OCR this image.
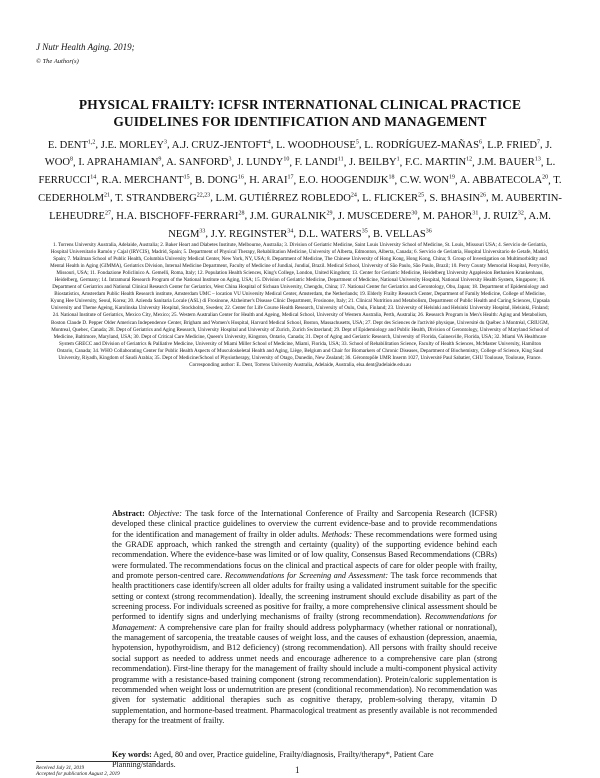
J Nutr Health Aging. 2019;
© The Author(s)
PHYSICAL FRAILTY: ICFSR INTERNATIONAL CLINICAL PRACTICE
GUIDELINES FOR IDENTIFICATION AND MANAGEMENT
E. DENT$^{1,2}$, J.E. MORLEY$^3$, A.J. CRUZ-JENTOFT$^4$, L. WOODHOUSE$^5$, L. RODRÍGUEZ-MAÑAS$^6$, L.P. FRIED$^7$, J. WOO$^8$, I. APRAHAMIAN$^9$, A. SANFORD$^3$, J. LUNDY$^{10}$, F. LANDI$^{11}$, J. BEILBY$^1$, F.C. MARTIN$^{12}$, J.M. BAUER$^{13}$, L. FERRUCCI$^{14}$, R.A. MERCHANT$^{15}$, B. DONG$^{16}$, H. ARAI$^{17}$, E.O. HOOGENDIJK$^{18}$, C.W. WON$^{19}$, A. ABBATECOLA$^{20}$, T. CEDERHOLM$^{21}$, T. STRANDBERG$^{22,23}$, L.M. GUTIÉRREZ ROBLEDO$^{24}$, L. FLICKER$^{25}$, S. BHASIN$^{26}$, M. AUBERTIN-LEHEUDRE$^{27}$, H.A. BISCHOFF-FERRARI$^{28}$, J.M. GURALNIK$^{29}$, J. MUSCEDERE$^{30}$, M. PAHOR$^{31}$, J. RUIZ$^{32}$, A.M. NEGM$^{33}$, J.Y. REGINSTER$^{34}$, D.L. WATERS$^{35}$, B. VELLAS$^{36}$
1. Torrens University Australia, Adelaide, Australia; 2. Baker Heart and Diabetes Institute, Melbourne, Australia; 3. Division of Geriatric Medicine, Saint Louis University School of Medicine, St. Louis, Missouri USA; 4. Servicio de Geriatría, Hospital Universitario Ramón y Cajal (IRYCIS), Madrid, Spain; 5. Department of Physical Therapy, Rehabilitation Medicine, University of Alberta, Edmonton, Alberta, Canada; 6. Servicio de Geriatría, Hospital Universitario de Getafe, Madrid, Spain; 7. Mailman School of Public Health, Columbia University Medical Center, New York, NY, USA; 8. Department of Medicine, The Chinese University of Hong Kong, Hong Kong, China; 9. Group of Investigation on Multimorbidity and Mental Health in Aging (GIMMA), Geriatrics Division, Internal Medicine Department, Faculty of Medicine of Jundiaí, Jundiaí, Brazil. Medical School, University of São Paulo, São Paulo, Brazil; 10. Perry County Memorial Hospital, Perryville, Missouri, USA; 11. Fondazione Policlinico A. Gemelli, Roma, Italy; 12. Population Health Sciences, King's College, London, United Kingdom; 13. Center for Geriatric Medicine, Heidelberg University Agaplesion Bethanien Krankenhaus, Heidelberg, Germany; 14. Intramural Research Program of the National Institute on Aging, USA; 15. Division of Geriatric Medicine, Department of Medicine, National University Hospital, National University Health System, Singapore; 16. Department of Geriatrics and National Clinical Research Center for Geriatrics, West China Hospital of Sichuan University, Chengdu, China; 17. National Center for Geriatrics and Gerontology, Obu, Japan; 18. Department of Epidemiology and Biostatistics, Amsterdam Public Health Research institute, Amsterdam UMC – location VU University Medical Center, Amsterdam, the Netherlands; 19. Elderly Frailty Research Center, Department of Family Medicine, College of Medicine, Kyung Hee University, Seoul, Korea; 20. Azienda Sanitaria Locale (ASL) di Frosinone, Alzheimer's Disease Clinic Department, Frosinone, Italy; 21. Clinical Nutrition and Metabolism, Department of Public Health and Caring Sciences, Uppsala University and Theme Ageing, Karolinska University Hospital, Stockholm, Sweden; 22. Center for Life Course Health Research, University of Oulu, Oulu, Finland; 23. University of Helsinki and Helsinki University Hospital, Helsinki, Finland; 24. National Institute of Geriatrics, Mexico City, Mexico; 25. Western Australian Center for Health and Ageing, Medical School, University of Western Australia, Perth, Australia; 26. Research Program in Men's Health: Aging and Metabolism, Boston Claude D. Pepper Older American Independence Center, Brigham and Women's Hospital, Harvard Medical School, Boston, Massachusetts, USA; 27. Dept des Sciences de l'activité physique, Université du Québec à Montréal, CRIUGM, Montreal, Quebec, Canada; 28. Dept of Geriatrics and Aging Research, University Hospital and University of Zurich, Zurich Switzerland; 29. Dept of Epidemiology and Public Health, Division of Gerontology, University of Maryland School of Medicine, Baltimore, Maryland, USA; 30. Dept of Critical Care Medicine, Queen's University, Kingston, Ontario, Canada; 31. Dept of Aging and Geriatric Research, University of Florida, Gainesville, Florida, USA; 32. Miami VA Healthcare System GRECC and Division of Geriatrics & Palliative Medicine, University of Miami Miller School of Medicine, Miami, Florida, USA; 33. School of Rehabilitation Science, Faculty of Health Sciences, McMaster University, Hamilton Ontario, Canada; 34. WHO Collaborating Center for Public Health Aspects of Musculoskeletal Health and Aging, Liège, Belgium and Chair for Biomarkers of Chronic Diseases, Department of Biochemistry, College of Science, King Saud University, Riyadh, Kingdom of Saudi Arabia; 35. Dept of Medicine/School of Physiotherapy, University of Otago, Dunedin, New Zealand; 36. Gérontopôle UMR Inserm 1027, Université Paul Sabatier, CHU Toulouse, Toulouse, France. Corresponding author: E. Dent, Torrens University Australia, Adelaide, Australia, elsa.dent@adelaide.edu.au
Abstract: Objective: The task force of the International Conference of Frailty and Sarcopenia Research (ICFSR) developed these clinical practice guidelines to overview the current evidence-base and to provide recommendations for the identification and management of frailty in older adults. Methods: These recommendations were formed using the GRADE approach, which ranked the strength and certainty (quality) of the supporting evidence behind each recommendation. Where the evidence-base was limited or of low quality, Consensus Based Recommendations (CBRs) were formulated. The recommendations focus on the clinical and practical aspects of care for older people with frailty, and promote person-centred care. Recommendations for Screening and Assessment: The task force recommends that health practitioners case identify/screen all older adults for frailty using a validated instrument suitable for the specific setting or context (strong recommendation). Ideally, the screening instrument should exclude disability as part of the screening process. For individuals screened as positive for frailty, a more comprehensive clinical assessment should be performed to identify signs and underlying mechanisms of frailty (strong recommendation). Recommendations for Management: A comprehensive care plan for frailty should address polypharmacy (whether rational or nonrational), the management of sarcopenia, the treatable causes of weight loss, and the causes of exhaustion (depression, anaemia, hypotension, hypothyroidism, and B12 deficiency) (strong recommendation). All persons with frailty should receive social support as needed to address unmet needs and encourage adherence to a comprehensive care plan (strong recommendation). First-line therapy for the management of frailty should include a multi-component physical activity programme with a resistance-based training component (strong recommendation). Protein/caloric supplementation is recommended when weight loss or undernutrition are present (conditional recommendation). No recommendation was given for systematic additional therapies such as cognitive therapy, problem-solving therapy, vitamin D supplementation, and hormone-based treatment. Pharmacological treatment as presently available is not recommended therapy for the treatment of frailty.
Key words: Aged, 80 and over, Practice guideline, Frailty/diagnosis, Frailty/therapy*, Patient Care Planning/standards.
Received July 31, 2019
Accepted for publication August 2, 2019	1
